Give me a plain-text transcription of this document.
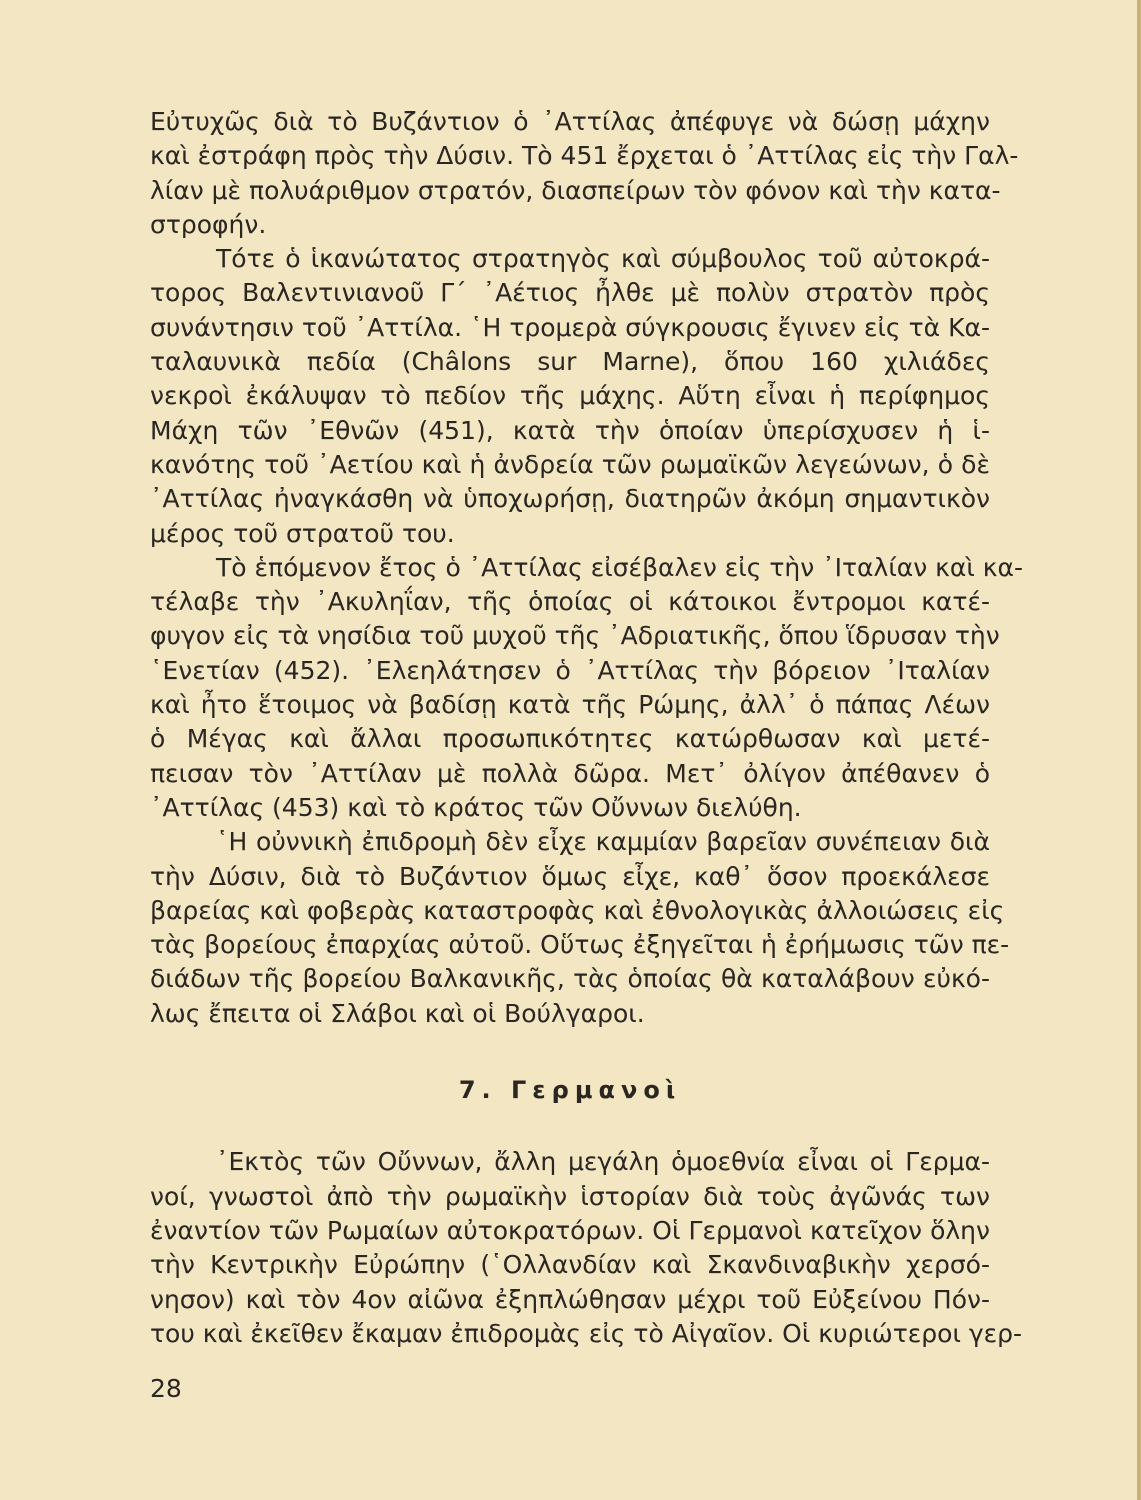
Εὐτυχῶς διὰ τὸ Βυζάντιον ὁ ᾿Αττίλας ἀπέφυγε νὰ δώσῃ μάχην
καὶ ἐστράφη πρὸς τὴν Δύσιν. Τὸ 451 ἔρχεται ὁ ᾿Αττίλας εἰς τὴν Γαλ-
λίαν μὲ πολυάριθμον στρατόν, διασπείρων τὸν φόνον καὶ τὴν κατα-
στροφήν.
Τότε ὁ ἱκανώτατος στρατηγὸς καὶ σύμβουλος τοῦ αὐτοκρά-
τορος Βαλεντινιανοῦ Γ΄ ᾿Αέτιος ἦλθε μὲ πολὺν στρατὸν πρὸς
συνάντησιν τοῦ ᾿Αττίλα. ῾Η τρομερὰ σύγκρουσις ἔγινεν εἰς τὰ Κα-
ταλαυνικὰ πεδία (Châlons sur Marne), ὅπου 160 χιλιάδες
νεκροὶ ἐκάλυψαν τὸ πεδίον τῆς μάχης. Αὕτη εἶναι ἡ περίφημος
Μάχη τῶν ᾿Εθνῶν (451), κατὰ τὴν ὁποίαν ὑπερίσχυσεν ἡ ἱ-
κανότης τοῦ ᾿Αετίου καὶ ἡ ἀνδρεία τῶν ρωμαϊκῶν λεγεώνων, ὁ δὲ
᾿Αττίλας ἠναγκάσθη νὰ ὑποχωρήσῃ, διατηρῶν ἀκόμη σημαντικὸν
μέρος τοῦ στρατοῦ του.
Τὸ ἑπόμενον ἔτος ὁ ᾿Αττίλας εἰσέβαλεν εἰς τὴν ᾿Ιταλίαν καὶ κα-
τέλαβε τὴν ᾿Ακυληΐαν, τῆς ὁποίας οἱ κάτοικοι ἔντρομοι κατέ-
φυγον εἰς τὰ νησίδια τοῦ μυχοῦ τῆς ᾿Αδριατικῆς, ὅπου ἵδρυσαν τὴν
῾Ενετίαν (452). ᾿Ελεηλάτησεν ὁ ᾿Αττίλας τὴν βόρειον ᾿Ιταλίαν
καὶ ἦτο ἕτοιμος νὰ βαδίσῃ κατὰ τῆς Ρώμης, ἀλλ᾿ ὁ πάπας Λέων
ὁ Μέγας καὶ ἄλλαι προσωπικότητες κατώρθωσαν καὶ μετέ-
πεισαν τὸν ᾿Αττίλαν μὲ πολλὰ δῶρα. Μετ᾿ ὀλίγον ἀπέθανεν ὁ
᾿Αττίλας (453) καὶ τὸ κράτος τῶν Οὔννων διελύθη.
῾Η οὐννικὴ ἐπιδρομὴ δὲν εἶχε καμμίαν βαρεῖαν συνέπειαν διὰ
τὴν Δύσιν, διὰ τὸ Βυζάντιον ὅμως εἶχε, καθ᾿ ὅσον προεκάλεσε
βαρείας καὶ φοβερὰς καταστροφὰς καὶ ἐθνολογικὰς ἀλλοιώσεις εἰς
τὰς βορείους ἐπαρχίας αὐτοῦ. Οὕτως ἐξηγεῖται ἡ ἐρήμωσις τῶν πε-
διάδων τῆς βορείου Βαλκανικῆς, τὰς ὁποίας θὰ καταλάβουν εὐκό-
λως ἔπειτα οἱ Σλάβοι καὶ οἱ Βούλγαροι.
7. Γερμανοὶ
᾿Εκτὸς τῶν Οὔννων, ἄλλη μεγάλη ὁμοεθνία εἶναι οἱ Γερμα-
νοί, γνωστοὶ ἀπὸ τὴν ρωμαϊκὴν ἱστορίαν διὰ τοὺς ἀγῶνάς των
ἐναντίον τῶν Ρωμαίων αὐτοκρατόρων. Οἱ Γερμανοὶ κατεῖχον ὅλην
τὴν Κεντρικὴν Εὐρώπην (῾Ολλανδίαν καὶ Σκανδιναβικὴν χερσό-
νησον) καὶ τὸν 4ον αἰῶνα ἐξηπλώθησαν μέχρι τοῦ Εὐξείνου Πόν-
του καὶ ἐκεῖθεν ἔκαμαν ἐπιδρομὰς εἰς τὸ Αἰγαῖον. Οἱ κυριώτεροι γερ-
28
